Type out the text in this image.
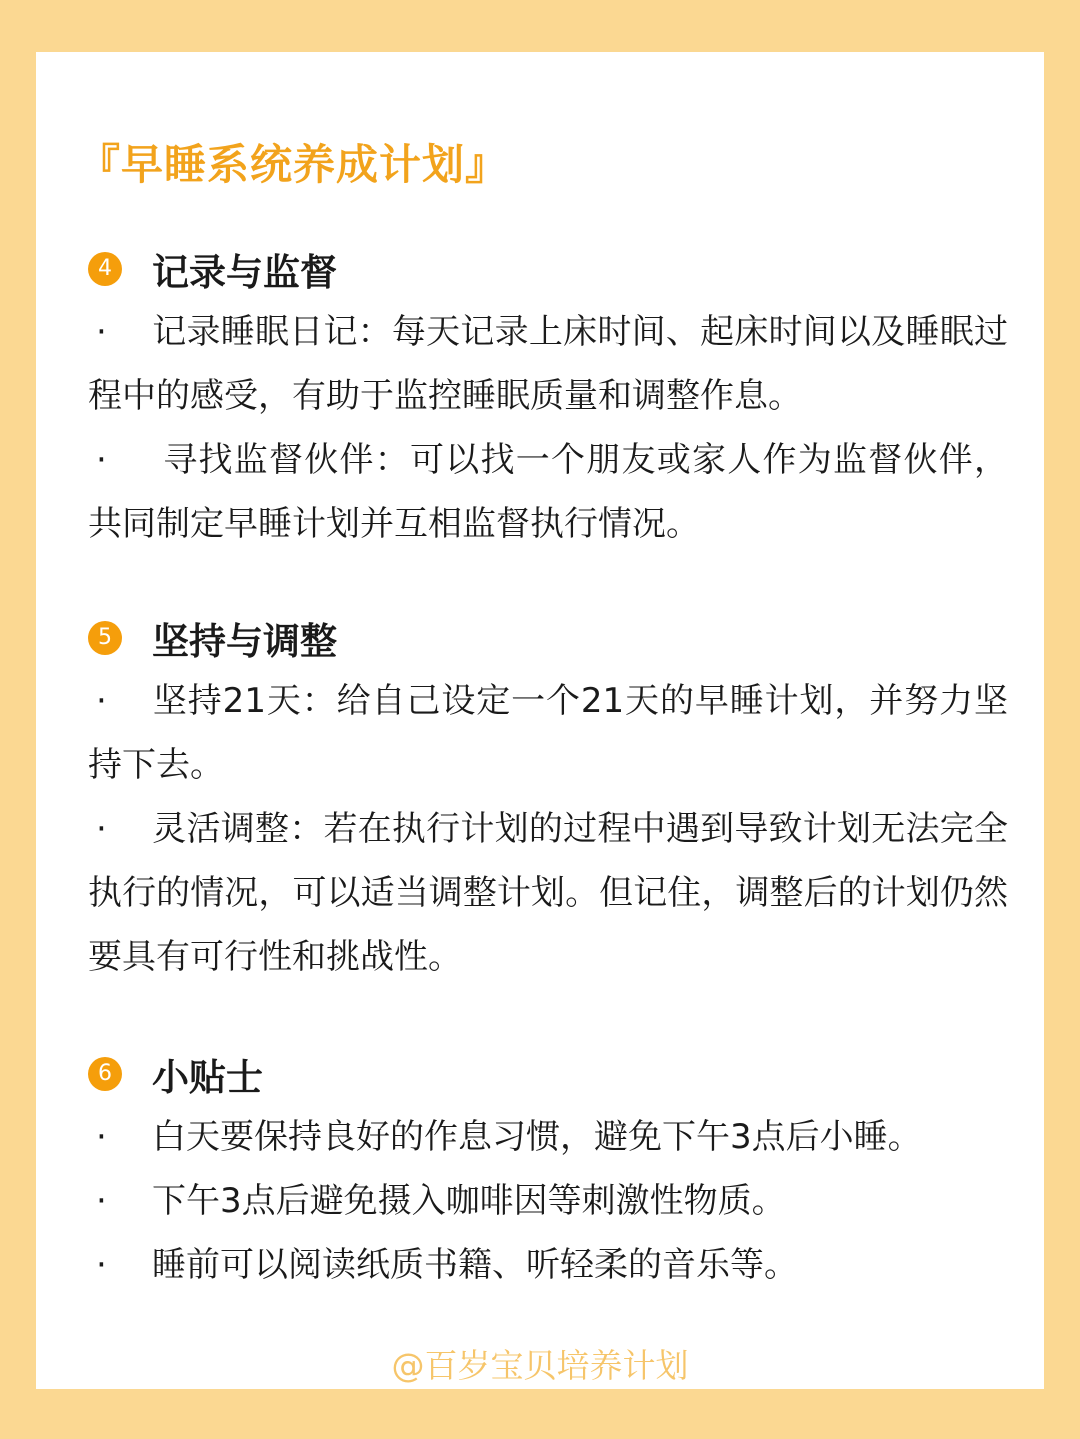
『早睡系统养成计划』
4 记录与监督

· 记录睡眠日记：每天记录上床时间、起床时间以及睡眠过程中的感受，有助于监控睡眠质量和调整作息。

· 寻找监督伙伴：可以找一个朋友或家人作为监督伙伴，共同制定早睡计划并互相监督执行情况。

5 坚持与调整

· 坚持21天：给自己设定一个21天的早睡计划，并努力坚持下去。

· 灵活调整：若在执行计划的过程中遇到导致计划无法完全执行的情况，可以适当调整计划。但记住，调整后的计划仍然要具有可行性和挑战性。

6 小贴士

· 白天要保持良好的作息习惯，避免下午3点后小睡。

· 下午3点后避免摄入咖啡因等刺激性物质。

· 睡前可以阅读纸质书籍、听轻柔的音乐等。

@百岁宝贝培养计划
